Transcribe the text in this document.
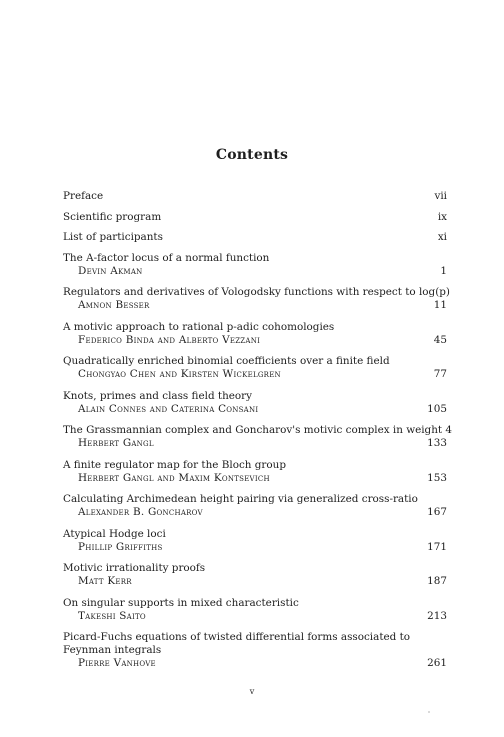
Contents
Preface	vii
Scientific program	ix
List of participants	xi
The A-factor locus of a normal function
Devin Akman	1
Regulators and derivatives of Vologodsky functions with respect to log(p)
Amnon Besser	11
A motivic approach to rational p-adic cohomologies
Federico Binda and Alberto Vezzani	45
Quadratically enriched binomial coefficients over a finite field
Chongyao Chen and Kirsten Wickelgren	77
Knots, primes and class field theory
Alain Connes and Caterina Consani	105
The Grassmannian complex and Goncharov's motivic complex in weight 4
Herbert Gangl	133
A finite regulator map for the Bloch group
Herbert Gangl and Maxim Kontsevich	153
Calculating Archimedean height pairing via generalized cross-ratio
Alexander B. Goncharov	167
Atypical Hodge loci
Phillip Griffiths	171
Motivic irrationality proofs
Matt Kerr	187
On singular supports in mixed characteristic
Takeshi Saito	213
Picard-Fuchs equations of twisted differential forms associated to Feynman integrals
Pierre Vanhove	261
v
